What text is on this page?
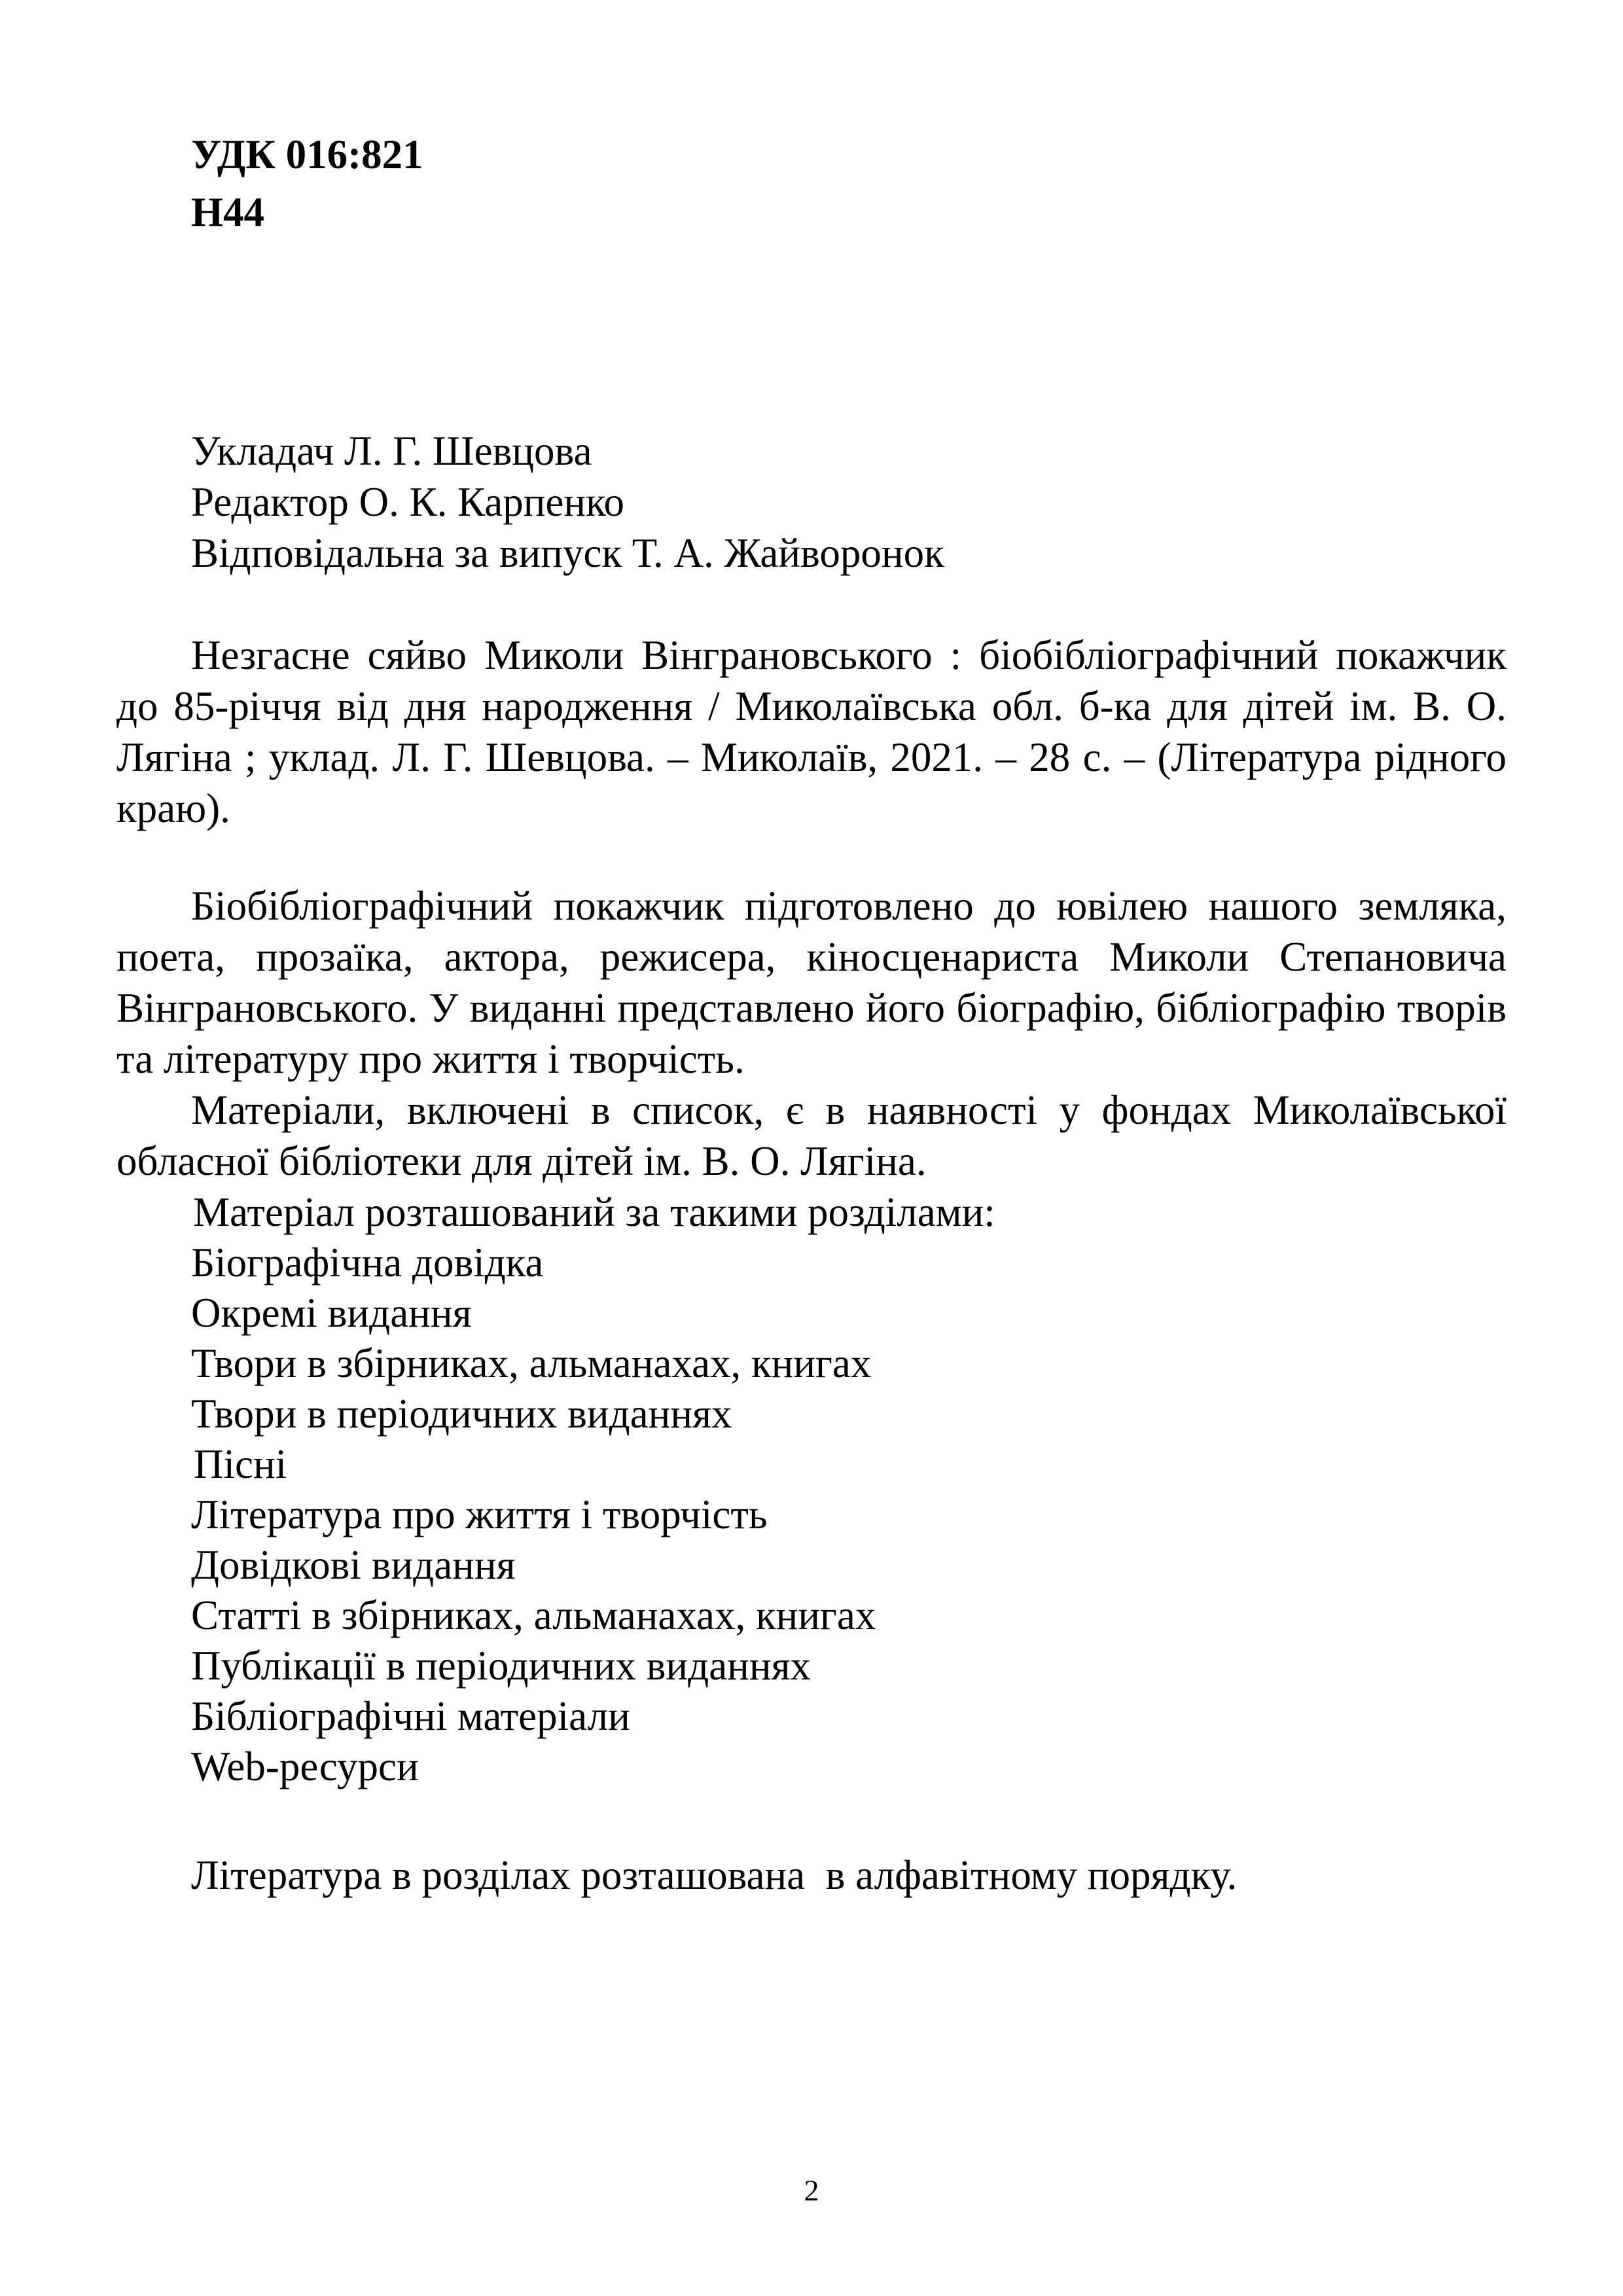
УДК 016:821
Н44
Укладач Л. Г. Шевцова
Редактор О. К. Карпенко
Відповідальна за випуск Т. А. Жайворонок

Незгасне сяйво Миколи Вінграновського : біобібліографічний покажчик до 85-річчя від дня народження / Миколаївська обл. б-ка для дітей ім. В. О. Лягіна ; уклад. Л. Г. Шевцова. – Миколаїв, 2021. – 28 с. – (Література рідного краю).

Біобібліографічний покажчик підготовлено до ювілею нашого земляка, поета, прозаїка, актора, режисера, кіносценариста Миколи Степановича Вінграновського. У виданні представлено його біографію, бібліографію творів та літературу про життя і творчість.

Матеріали, включені в список, є в наявності у фондах Миколаївської обласної бібліотеки для дітей ім. В. О. Лягіна.

Матеріал розташований за такими розділами:
Біографічна довідка
Окремі видання
Твори в збірниках, альманахах, книгах
Твори в періодичних виданнях
Пісні
Література про життя і творчість
Довідкові видання
Статті в збірниках, альманахах, книгах
Публікації в періодичних виданнях
Бібліографічні матеріали
Web-ресурси
Література в розділах розташована  в алфавітному порядку.
2
